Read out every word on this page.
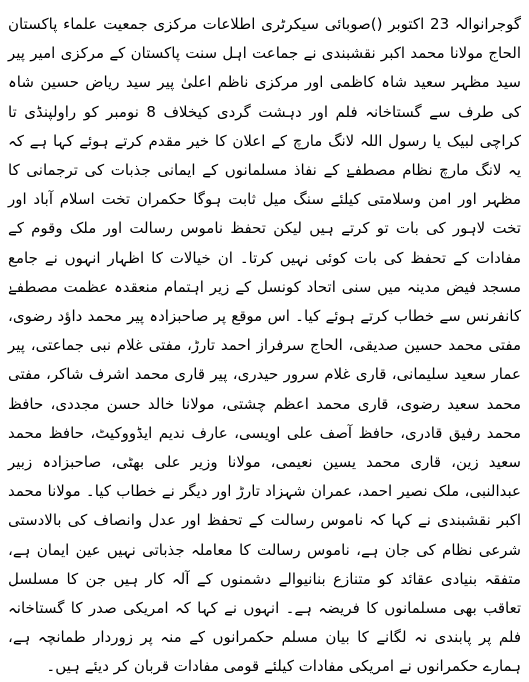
گوجرانوالہ 23 اکتوبر ()صوبائی سیکرٹری اطلاعات مرکزی جمعیت علماء پاکستان الحاج مولانا محمد اکبر نقشبندی نے جماعت اہل سنت پاکستان کے مرکزی امیر پیر سید مظہر سعید شاہ کاظمی اور مرکزی ناظم اعلیٰ پیر سید ریاض حسین شاہ کی طرف سے گستاخانہ فلم اور دہشت گردی کیخلاف 8 نومبر کو راولپنڈی تا کراچی لبیک یا رسول اللہ لانگ مارچ کے اعلان کا خیر مقدم کرتے ہوئے کہا ہے کہ یہ لانگ مارچ نظام مصطفےٰ کے نفاذ مسلمانوں کے ایمانی جذبات کی ترجمانی کا مظہر اور امن وسلامتی کیلئے سنگ میل ثابت ہوگا حکمران تخت اسلام آباد اور تخت لاہور کی بات تو کرتے ہیں لیکن تحفظ ناموس رسالت اور ملک وقوم کے مفادات کے تحفظ کی بات کوئی نہیں کرتا۔ ان خیالات کا اظہار انہوں نے جامع مسجد فیض مدینہ میں سنی اتحاد کونسل کے زیر اہتمام منعقدہ عظمت مصطفےٰ کانفرنس سے خطاب کرتے ہوئے کیا۔ اس موقع پر صاحبزادہ پیر محمد داؤد رضوی، مفتی محمد حسین صدیقی، الحاج سرفراز احمد تارڑ، مفتی غلام نبی جماعتی، پیر عمار سعید سلیمانی، قاری غلام سرور حیدری، پیر قاری محمد اشرف شاکر، مفتی محمد سعید رضوی، قاری محمد اعظم چشتی، مولانا خالد حسن مجددی، حافظ محمد رفیق قادری، حافظ آصف علی اویسی، عارف ندیم ایڈووکیٹ، حافظ محمد سعید زین، قاری محمد یسین نعیمی، مولانا وزیر علی بھٹی، صاحبزادہ زبیر عبدالنبی، ملک نصیر احمد، عمران شہزاد تارڑ اور دیگر نے خطاب کیا۔ مولانا محمد اکبر نقشبندی نے کہا کہ ناموس رسالت کے تحفظ اور عدل وانصاف کی بالادستی شرعی نظام کی جان ہے، ناموس رسالت کا معاملہ جذباتی نہیں عین ایمان ہے، متفقہ بنیادی عقائد کو متنازع بنانیوالے دشمنوں کے آلہ کار ہیں جن کا مسلسل تعاقب بھی مسلمانوں کا فریضہ ہے۔ انہوں نے کہا کہ امریکی صدر کا گستاخانہ فلم پر پابندی نہ لگانے کا بیان مسلم حکمرانوں کے منہ پر زوردار طمانچہ ہے، ہمارے حکمرانوں نے امریکی مفادات کیلئے قومی مفادات قربان کر دیئے ہیں۔
